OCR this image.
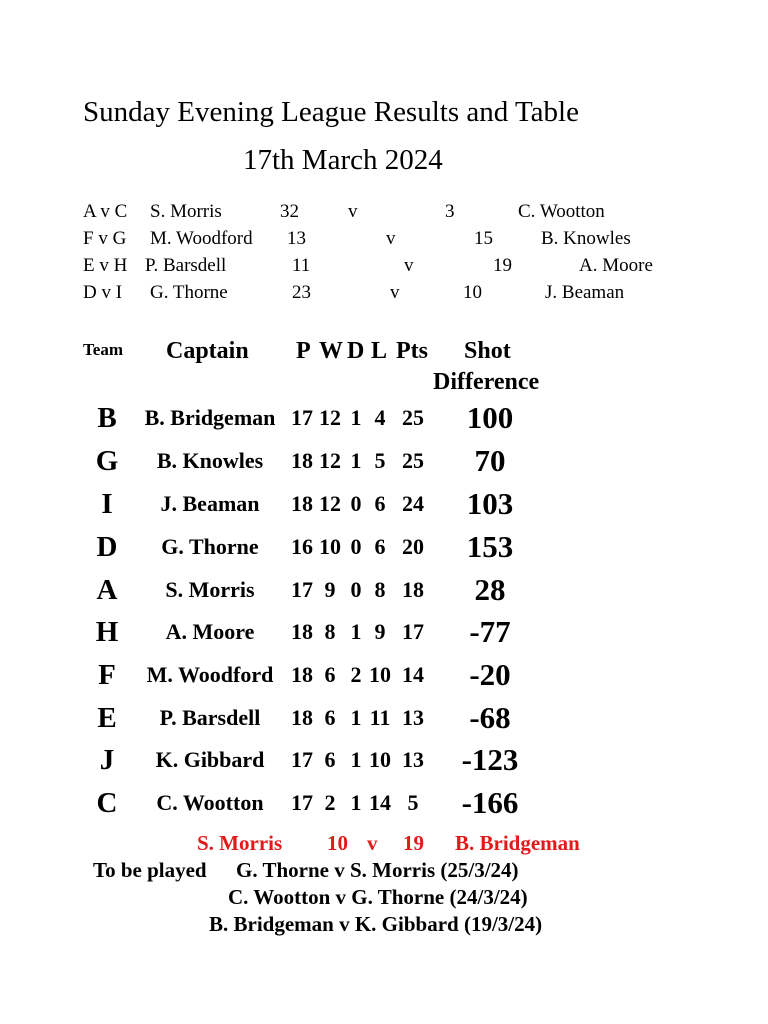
Sunday Evening League Results and Table
17th March 2024
A v C S. Morris	32	v	3	C. Wootton
F v G M. Woodford 13	v	15	B. Knowles
E v H P. Barsdell	11	v	19	A. Moore
D v I G. Thorne	23	v	10	J. Beaman
Team Captain P W D L Pts Shot
Difference
B	B. Bridgeman 17 12 1 4 25	100
G	B. Knowles	18 12 1 5 25	70
I	J. Beaman	18 12 0 6 24	103
D	G. Thorne	16 10 0 6 20	153
A	S. Morris	17 9 0 8 18	28
H	A. Moore	18 8 1 9 17	-77
F	M. Woodford 18 6 2 10 14	-20
E	P. Barsdell	18 6 1 11 13	-68
J	K. Gibbard	17 6 1 10 13	-123
C	C. Wootton	17 2 1 14 5	-166
S. Morris 10 v 19 B. Bridgeman
To be played G. Thorne v S. Morris (25/3/24)
C. Wootton v G. Thorne (24/3/24)
B. Bridgeman v K. Gibbard (19/3/24)
